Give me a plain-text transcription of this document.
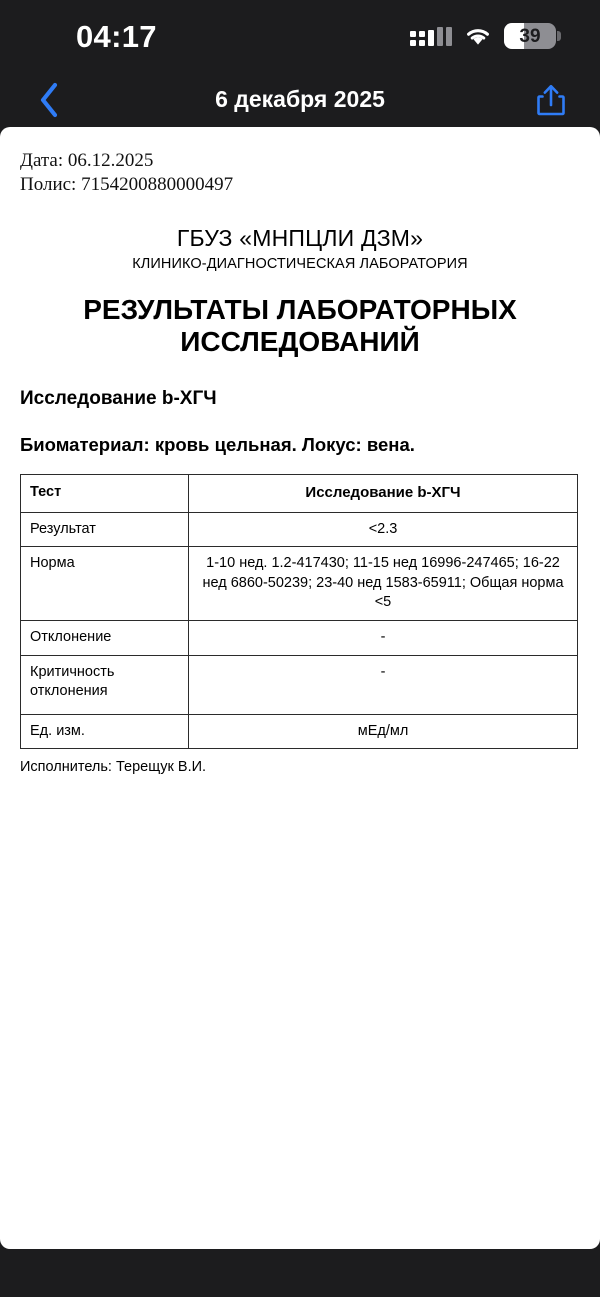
04:17	39
6 декабря 2025
Дата: 06.12.2025
Полис: 7154200880000497
ГБУЗ «МНПЦЛИ ДЗМ»
КЛИНИКО-ДИАГНОСТИЧЕСКАЯ ЛАБОРАТОРИЯ
РЕЗУЛЬТАТЫ ЛАБОРАТОРНЫХ
ИССЛЕДОВАНИЙ
Исследование b-ХГЧ
Биоматериал: кровь цельная. Локус: вена.
Тест	Исследование b-ХГЧ
Результат	<2.3
Норма	1-10 нед. 1.2-417430; 11-15 нед 16996-247465; 16-22 нед 6860-50239; 23-40 нед 1583-65911; Общая норма <5
Отклонение	-
Критичность отклонения	-
Ед. изм.	мЕд/мл
Исполнитель: Терещук В.И.
